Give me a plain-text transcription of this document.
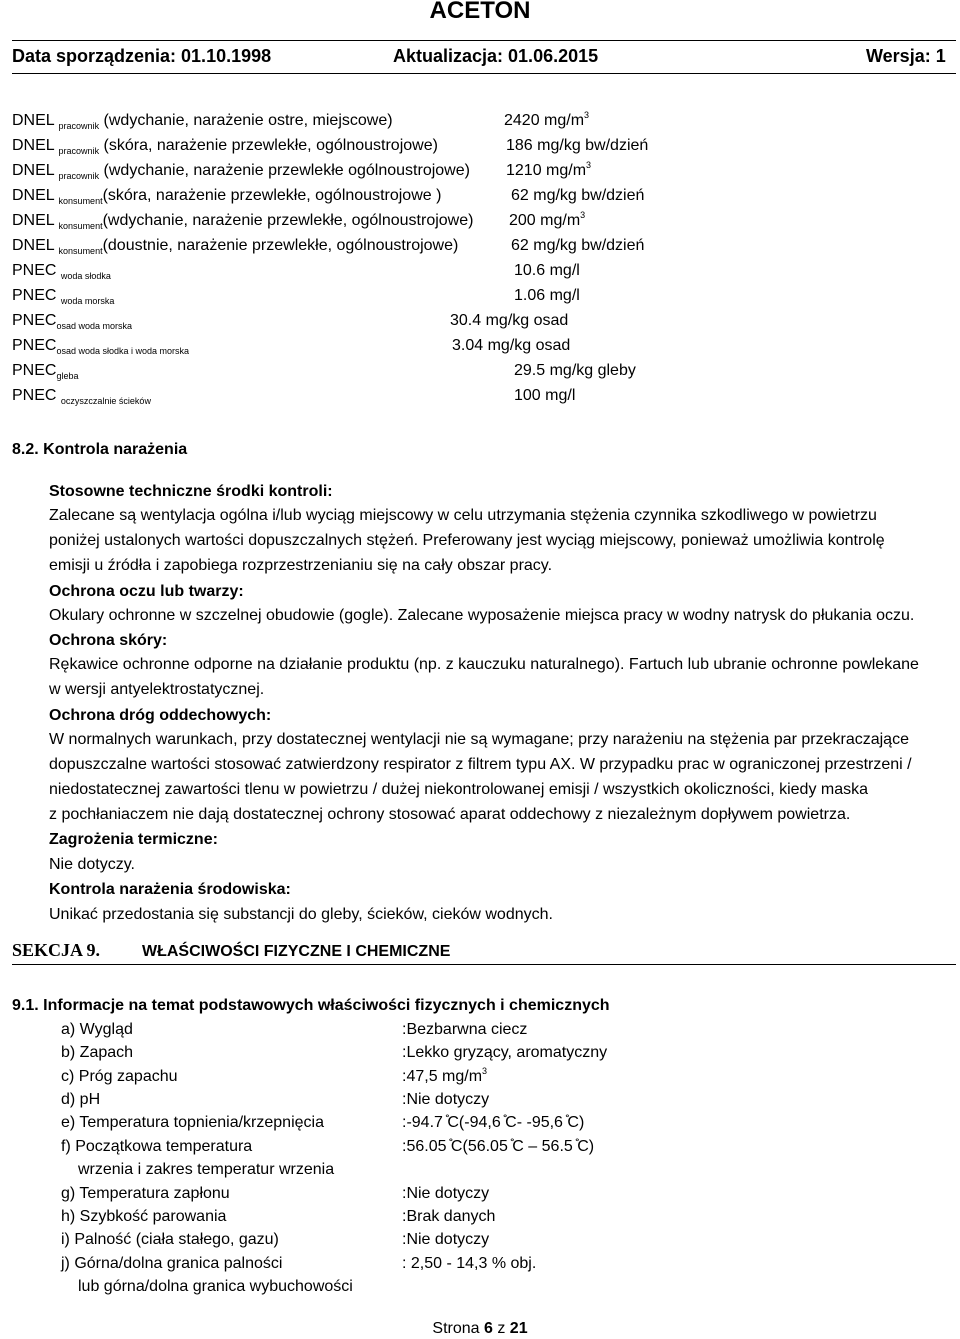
ACETON
Data sporządzenia: 01.10.1998	Aktualizacja: 01.06.2015	Wersja: 1
DNEL $_{pracownik}$ (wdychanie, narażenie ostre, miejscowe)	2420 $mg/m^3$
DNEL $_{pracownik}$ (skóra, narażenie przewlekłe, ogólnoustrojowe)	186 mg/kg bw/dzień
DNEL $_{pracownik}$ (wdychanie, narażenie przewlekłe ogólnoustrojowe) 1210 $mg/m^3$
DNEL $_{konsument}$(skóra, narażenie przewlekłe, ogólnoustrojowe )	62 mg/kg bw/dzień
DNEL $_{konsument}$(wdychanie, narażenie przewlekłe, ogólnoustrojowe) 200 $mg/m^3$
DNEL $_{konsument}$(doustnie, narażenie przewlekłe, ogólnoustrojowe)	62 mg/kg bw/dzień
PNEC $_{woda słodka}$	10.6 mg/l
PNEC $_{woda morska}$	1.06 mg/l
$PNEC_{osad woda morska}$	30.4 mg/kg osad
$PNEC_{osad woda słodka i woda morska}$	3.04 mg/kg osad
$PNEC_{gleba}$	29.5 mg/kg gleby
PNEC $_{oczyszczalnie ścieków}$	100 mg/l
8.2. Kontrola narażenia
Stosowne techniczne środki kontroli:
Zalecane są wentylacja ogólna i/lub wyciąg miejscowy w celu utrzymania stężenia czynnika szkodliwego w powietrzu
poniżej ustalonych wartości dopuszczalnych stężeń. Preferowany jest wyciąg miejscowy, ponieważ umożliwia kontrolę
emisji u źródła i zapobiega rozprzestrzenianiu się na cały obszar pracy.
Ochrona oczu lub twarzy:
Okulary ochronne w szczelnej obudowie (gogle). Zalecane wyposażenie miejsca pracy w wodny natrysk do płukania oczu.
Ochrona skóry:
Rękawice ochronne odporne na działanie produktu (np. z kauczuku naturalnego). Fartuch lub ubranie ochronne powlekane
w wersji antyelektrostatycznej.
Ochrona dróg oddechowych:
W normalnych warunkach, przy dostatecznej wentylacji nie są wymagane; przy narażeniu na stężenia par przekraczające
dopuszczalne wartości stosować zatwierdzony respirator z filtrem typu AX. W przypadku prac w ograniczonej przestrzeni /
niedostatecznej zawartości tlenu w powietrzu / dużej niekontrolowanej emisji / wszystkich okoliczności, kiedy maska
z pochłaniaczem nie dają dostatecznej ochrony stosować aparat oddechowy z niezależnym dopływem powietrza.
Zagrożenia termiczne:
Nie dotyczy.
Kontrola narażenia środowiska:
Unikać przedostania się substancji do gleby, ścieków, cieków wodnych.
SEKCJA 9.	WŁAŚCIWOŚCI FIZYCZNE I CHEMICZNE
9.1. Informacje na temat podstawowych właściwości fizycznych i chemicznych
a) Wygląd	:Bezbarwna ciecz
b) Zapach	:Lekko gryzący, aromatyczny
c) Próg zapachu	:47,5 $mg/m^3$
d) pH	:Nie dotyczy
e) Temperatura topnienia/krzepnięcia	:-94.7 ̊C(-94,6 ̊C- -95,6 ̊C)
f) Początkowa temperatura
wrzenia i zakres temperatur wrzenia
:56.05 ̊C(56.05 ̊C – 56.5 ̊C)
g) Temperatura zapłonu	:Nie dotyczy
h) Szybkość parowania	:Brak danych
i) Palność (ciała stałego, gazu)	:Nie dotyczy
j) Górna/dolna granica palności
lub górna/dolna granica wybuchowości
: 2,50 - 14,3 % obj.
Strona 6 z 21
